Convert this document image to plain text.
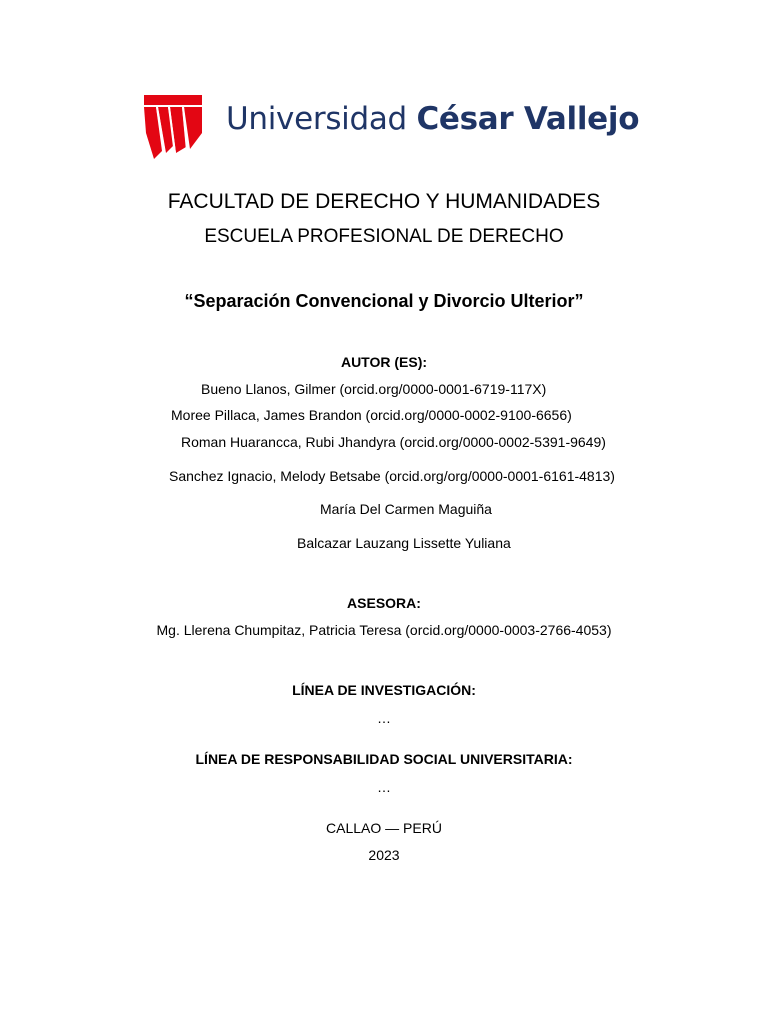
Universidad César Vallejo
FACULTAD DE DERECHO Y HUMANIDADES
ESCUELA PROFESIONAL DE DERECHO
“Separación Convencional y Divorcio Ulterior”
AUTOR (ES):
Bueno Llanos, Gilmer (orcid.org/0000-0001-6719-117X)
Moree Pillaca, James Brandon (orcid.org/0000-0002-9100-6656)
Roman Huarancca, Rubi Jhandyra (orcid.org/0000-0002-5391-9649)
Sanchez Ignacio, Melody Betsabe (orcid.org/org/0000-0001-6161-4813)
María Del Carmen Maguiña
Balcazar Lauzang Lissette Yuliana
ASESORA:
Mg. Llerena Chumpitaz, Patricia Teresa (orcid.org/0000-0003-2766-4053)
LÍNEA DE INVESTIGACIÓN:
…
LÍNEA DE RESPONSABILIDAD SOCIAL UNIVERSITARIA:
…
CALLAO — PERÚ
2023
